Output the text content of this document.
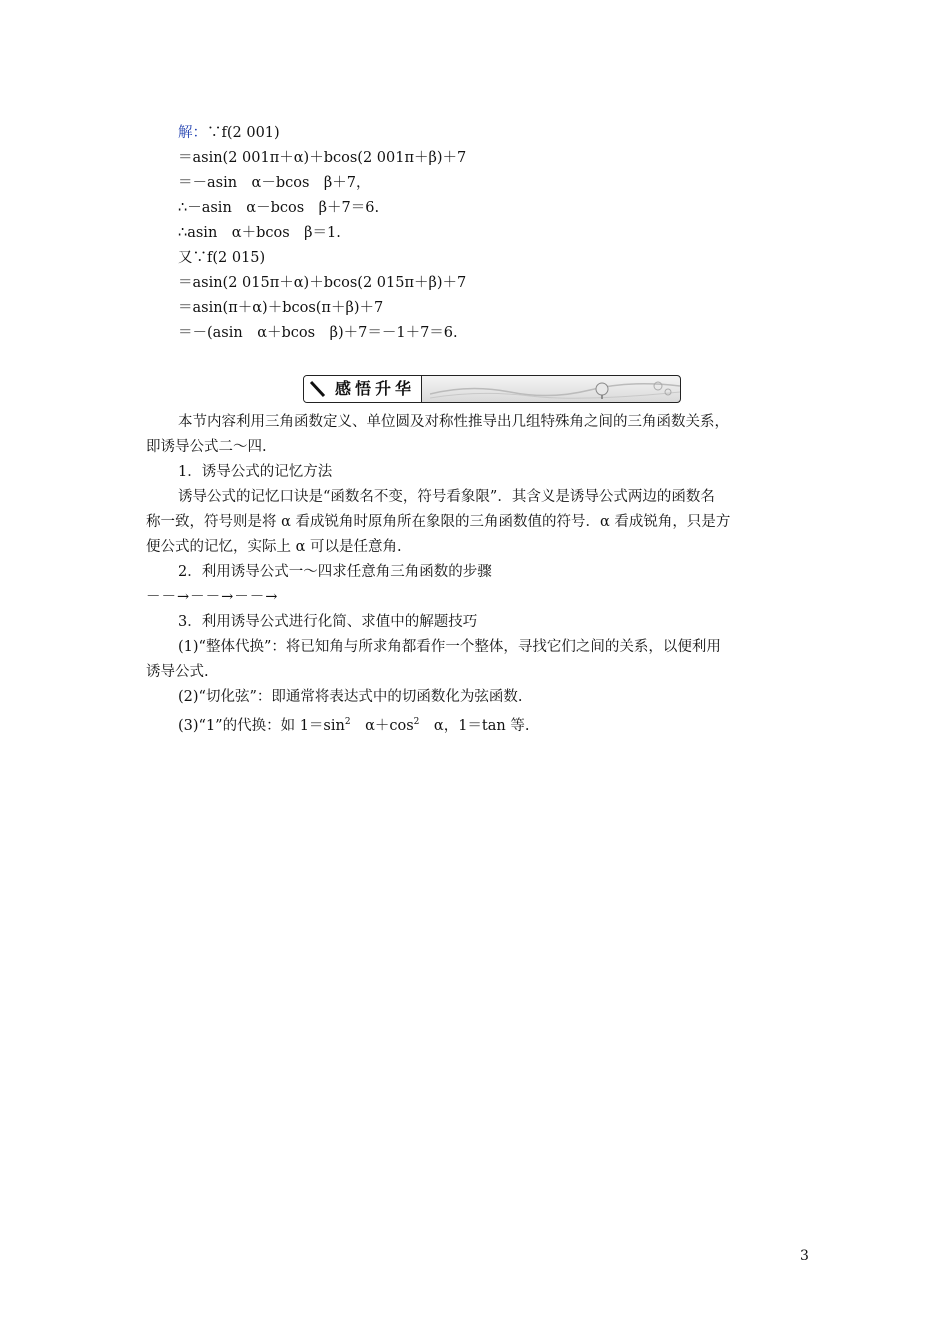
解：∵f(2 001)
＝asin(2 001π＋α)＋bcos(2 001π＋β)＋7
＝－asin　α－bcos　β＋7，
∴－asin　α－bcos　β＋7＝6.
∴asin　α＋bcos　β＝1.
又∵f(2 015)
＝asin(2 015π＋α)＋bcos(2 015π＋β)＋7
＝asin(π＋α)＋bcos(π＋β)＋7
＝－(asin　α＋bcos　β)＋7＝－1＋7＝6.
感悟升华
本节内容利用三角函数定义、单位圆及对称性推导出几组特殊角之间的三角函数关系，
即诱导公式二～四.
1．诱导公式的记忆方法
诱导公式的记忆口诀是“函数名不变，符号看象限”．其含义是诱导公式两边的函数名
称一致，符号则是将 α 看成锐角时原角所在象限的三角函数值的符号．α 看成锐角，只是方
便公式的记忆，实际上 α 可以是任意角.
2．利用诱导公式一～四求任意角三角函数的步骤
－－→－－→－－→
3．利用诱导公式进行化简、求值中的解题技巧
(1)“整体代换”：将已知角与所求角都看作一个整体，寻找它们之间的关系，以便利用
诱导公式.
(2)“切化弦”：即通常将表达式中的切函数化为弦函数.
(3)“1”的代换：如 $1=\sin^2$　$\alpha+\cos^2$　α，1＝tan 等.
3
